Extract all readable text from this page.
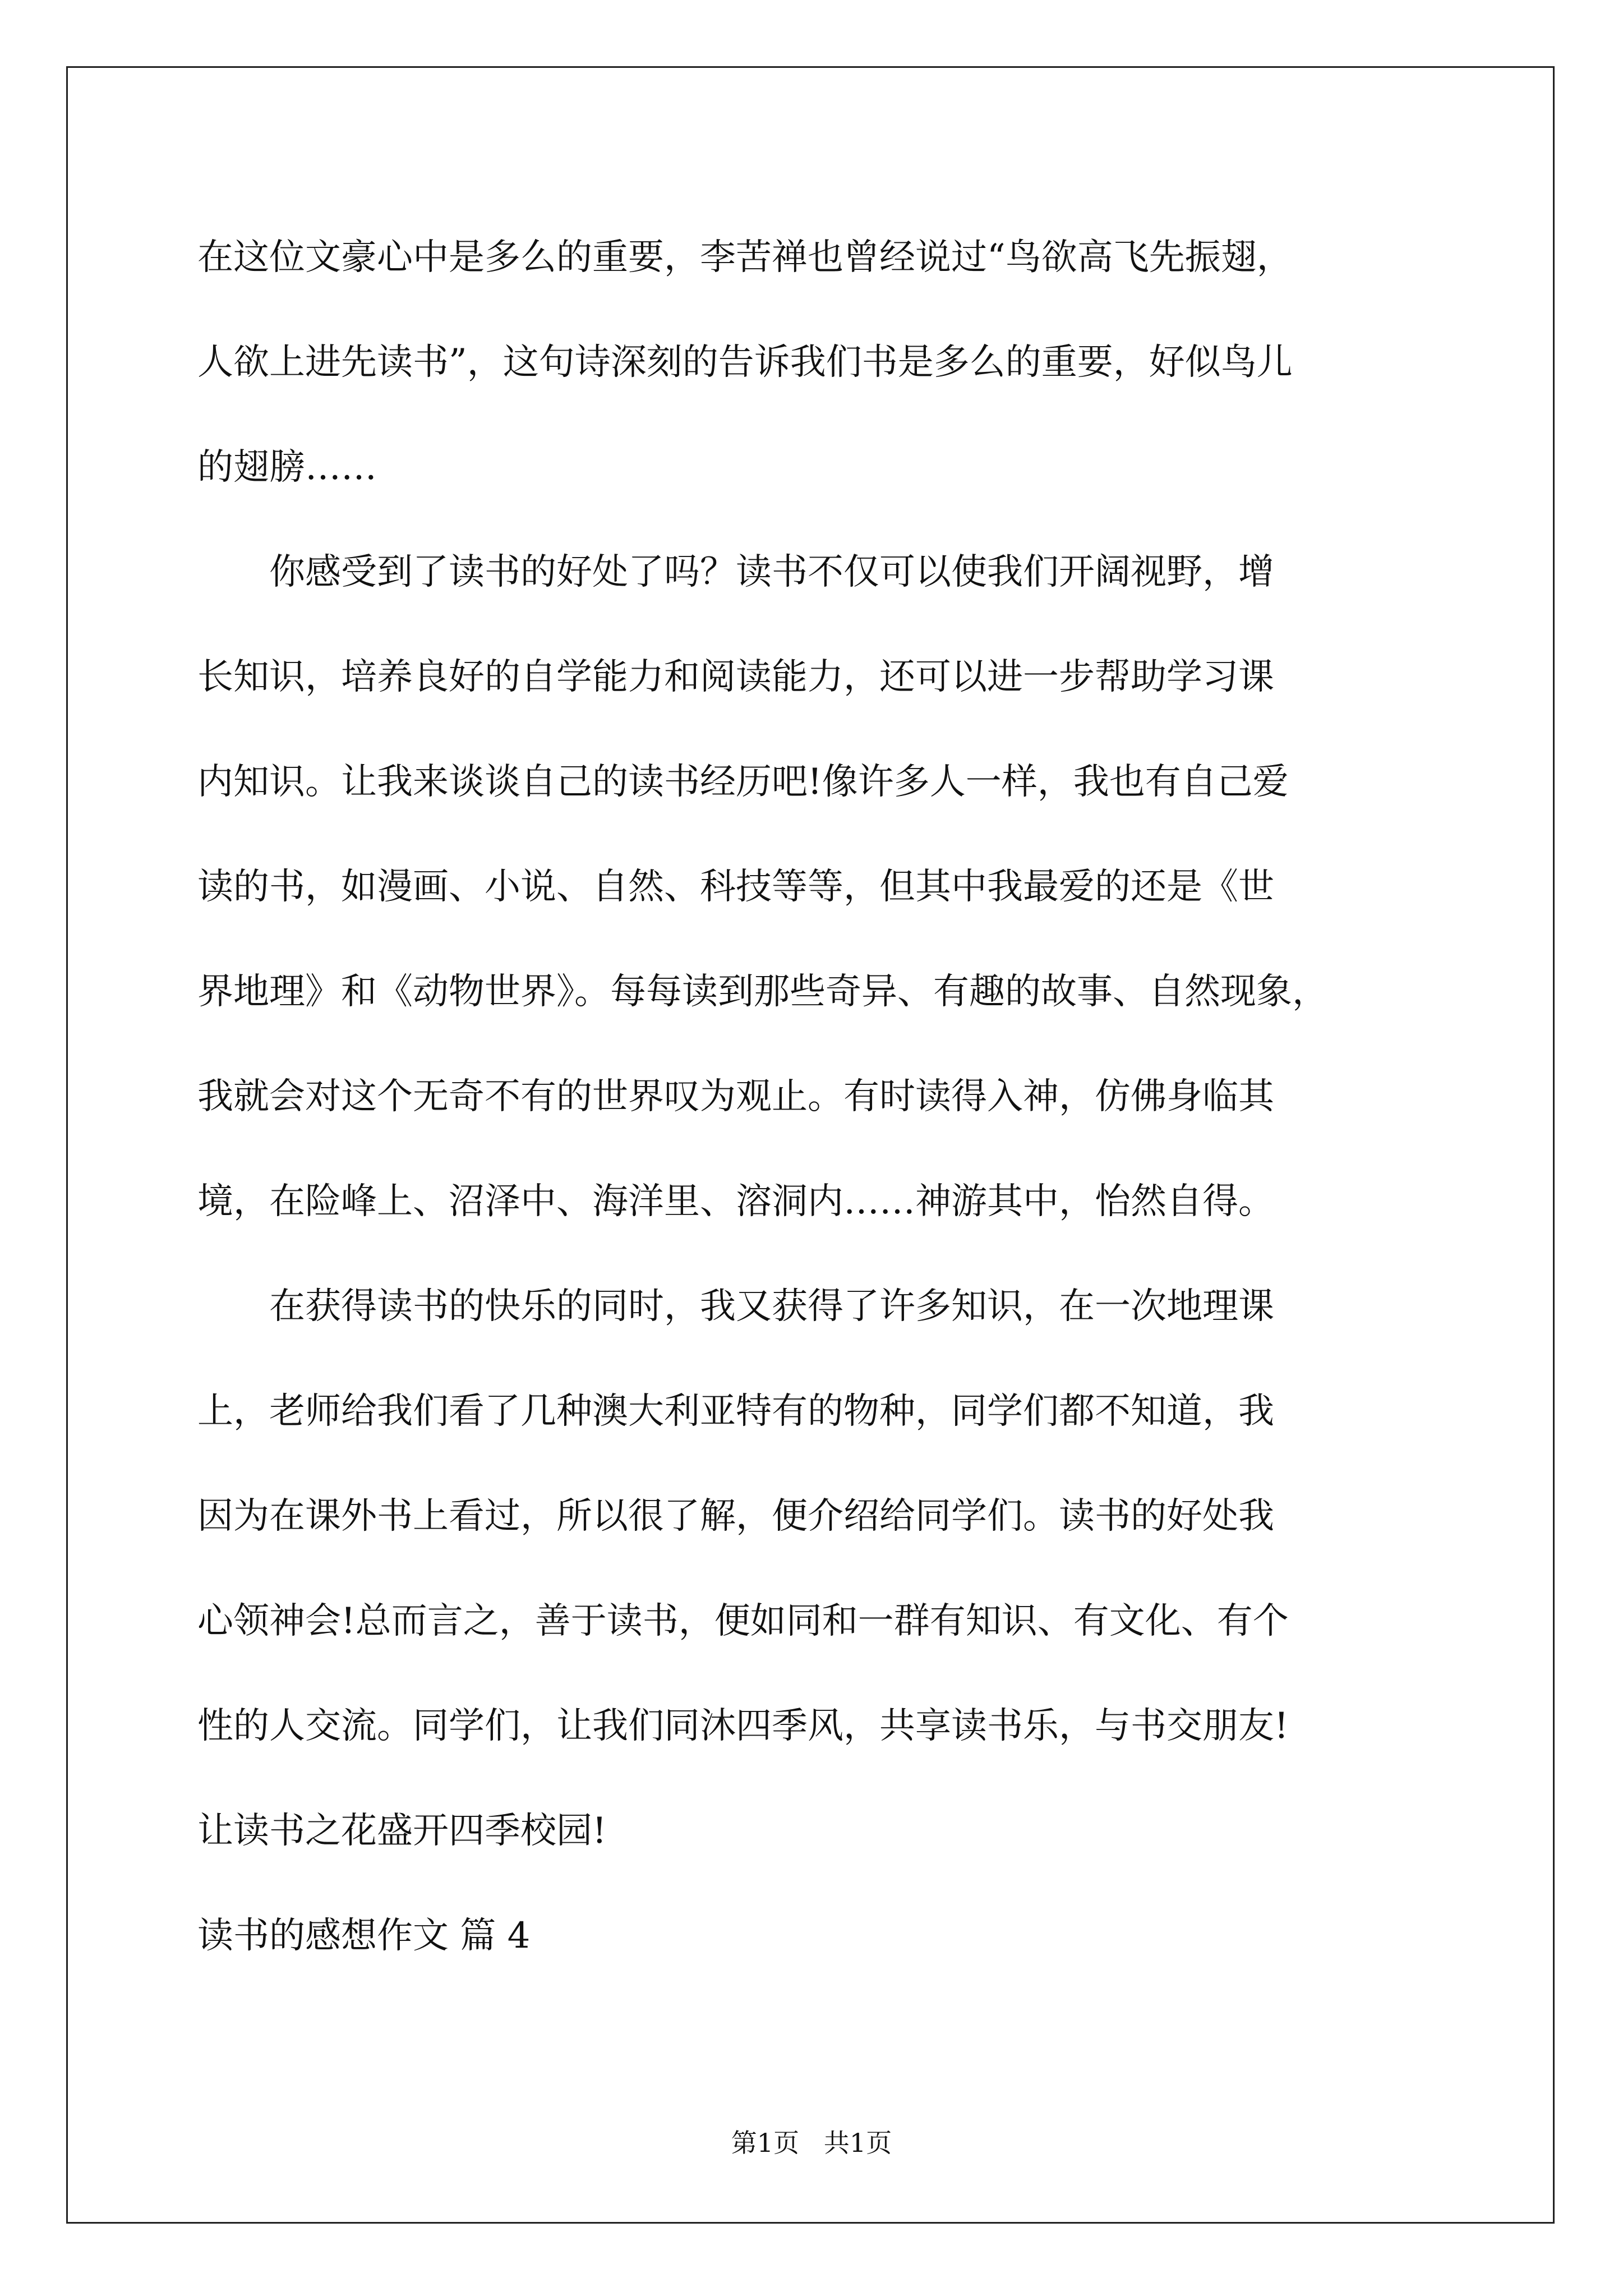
在这位文豪心中是多么的重要，李苦禅也曾经说过“鸟欲高飞先振翅，
人欲上进先读书”，这句诗深刻的告诉我们书是多么的重要，好似鸟儿
的翅膀……
你感受到了读书的好处了吗？读书不仅可以使我们开阔视野，增
长知识，培养良好的自学能力和阅读能力，还可以进一步帮助学习课
内知识。让我来谈谈自己的读书经历吧!像许多人一样，我也有自己爱
读的书，如漫画、小说、自然、科技等等，但其中我最爱的还是《世
界地理》和《动物世界》。每每读到那些奇异、有趣的故事、自然现象，
我就会对这个无奇不有的世界叹为观止。有时读得入神，仿佛身临其
境，在险峰上、沼泽中、海洋里、溶洞内……神游其中，怡然自得。
在获得读书的快乐的同时，我又获得了许多知识，在一次地理课
上，老师给我们看了几种澳大利亚特有的物种，同学们都不知道，我
因为在课外书上看过，所以很了解，便介绍给同学们。读书的好处我
心领神会!总而言之，善于读书，便如同和一群有知识、有文化、有个
性的人交流。同学们，让我们同沐四季风，共享读书乐，与书交朋友!
让读书之花盛开四季校园!
读书的感想作文 篇 4
第1页   共1页
